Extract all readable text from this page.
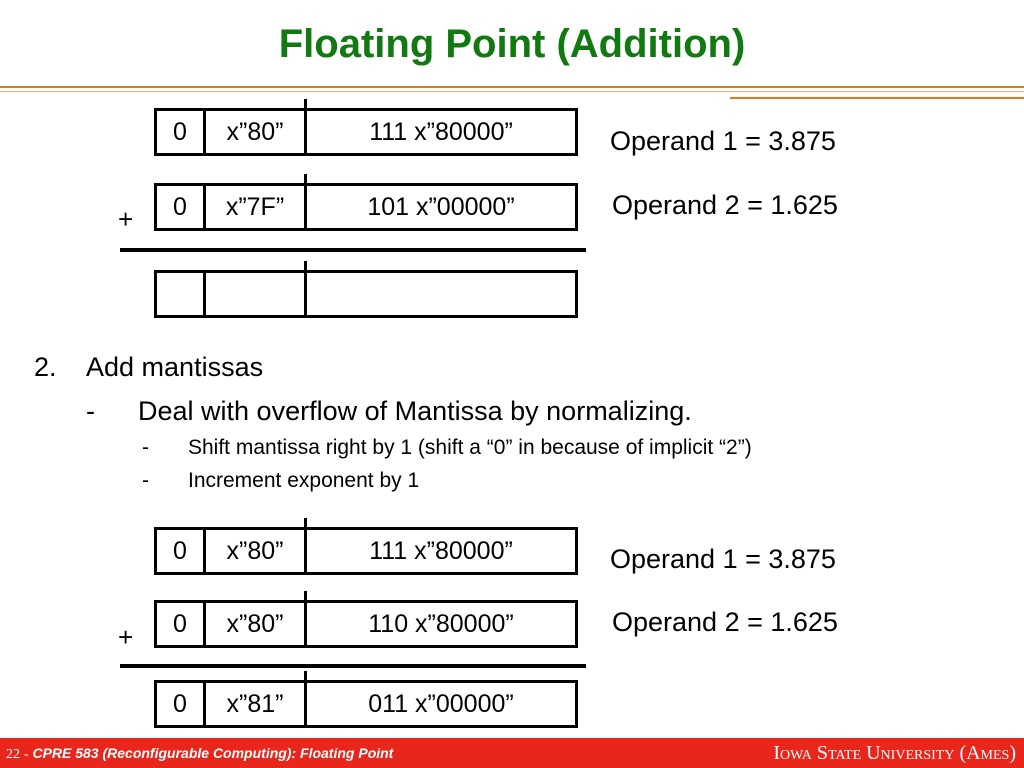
Floating Point (Addition)
0	x”80”	111 x”80000”	Operand 1 = 3.875
+	0	x”7F”	101 x”00000”	Operand 2 = 1.625
2. Add mantissas
- Deal with overflow of Mantissa by normalizing.
- Shift mantissa right by 1 (shift a “0” in because of implicit “2”)
- Increment exponent by 1
0	x”80”	111 x”80000”	Operand 1 = 3.875
+	0	x”80”	110 x”80000”	Operand 2 = 1.625
0	x”81”	011 x”00000”
22 - CPRE 583 (Reconfigurable Computing): Floating Point	Iowa State University (Ames)
